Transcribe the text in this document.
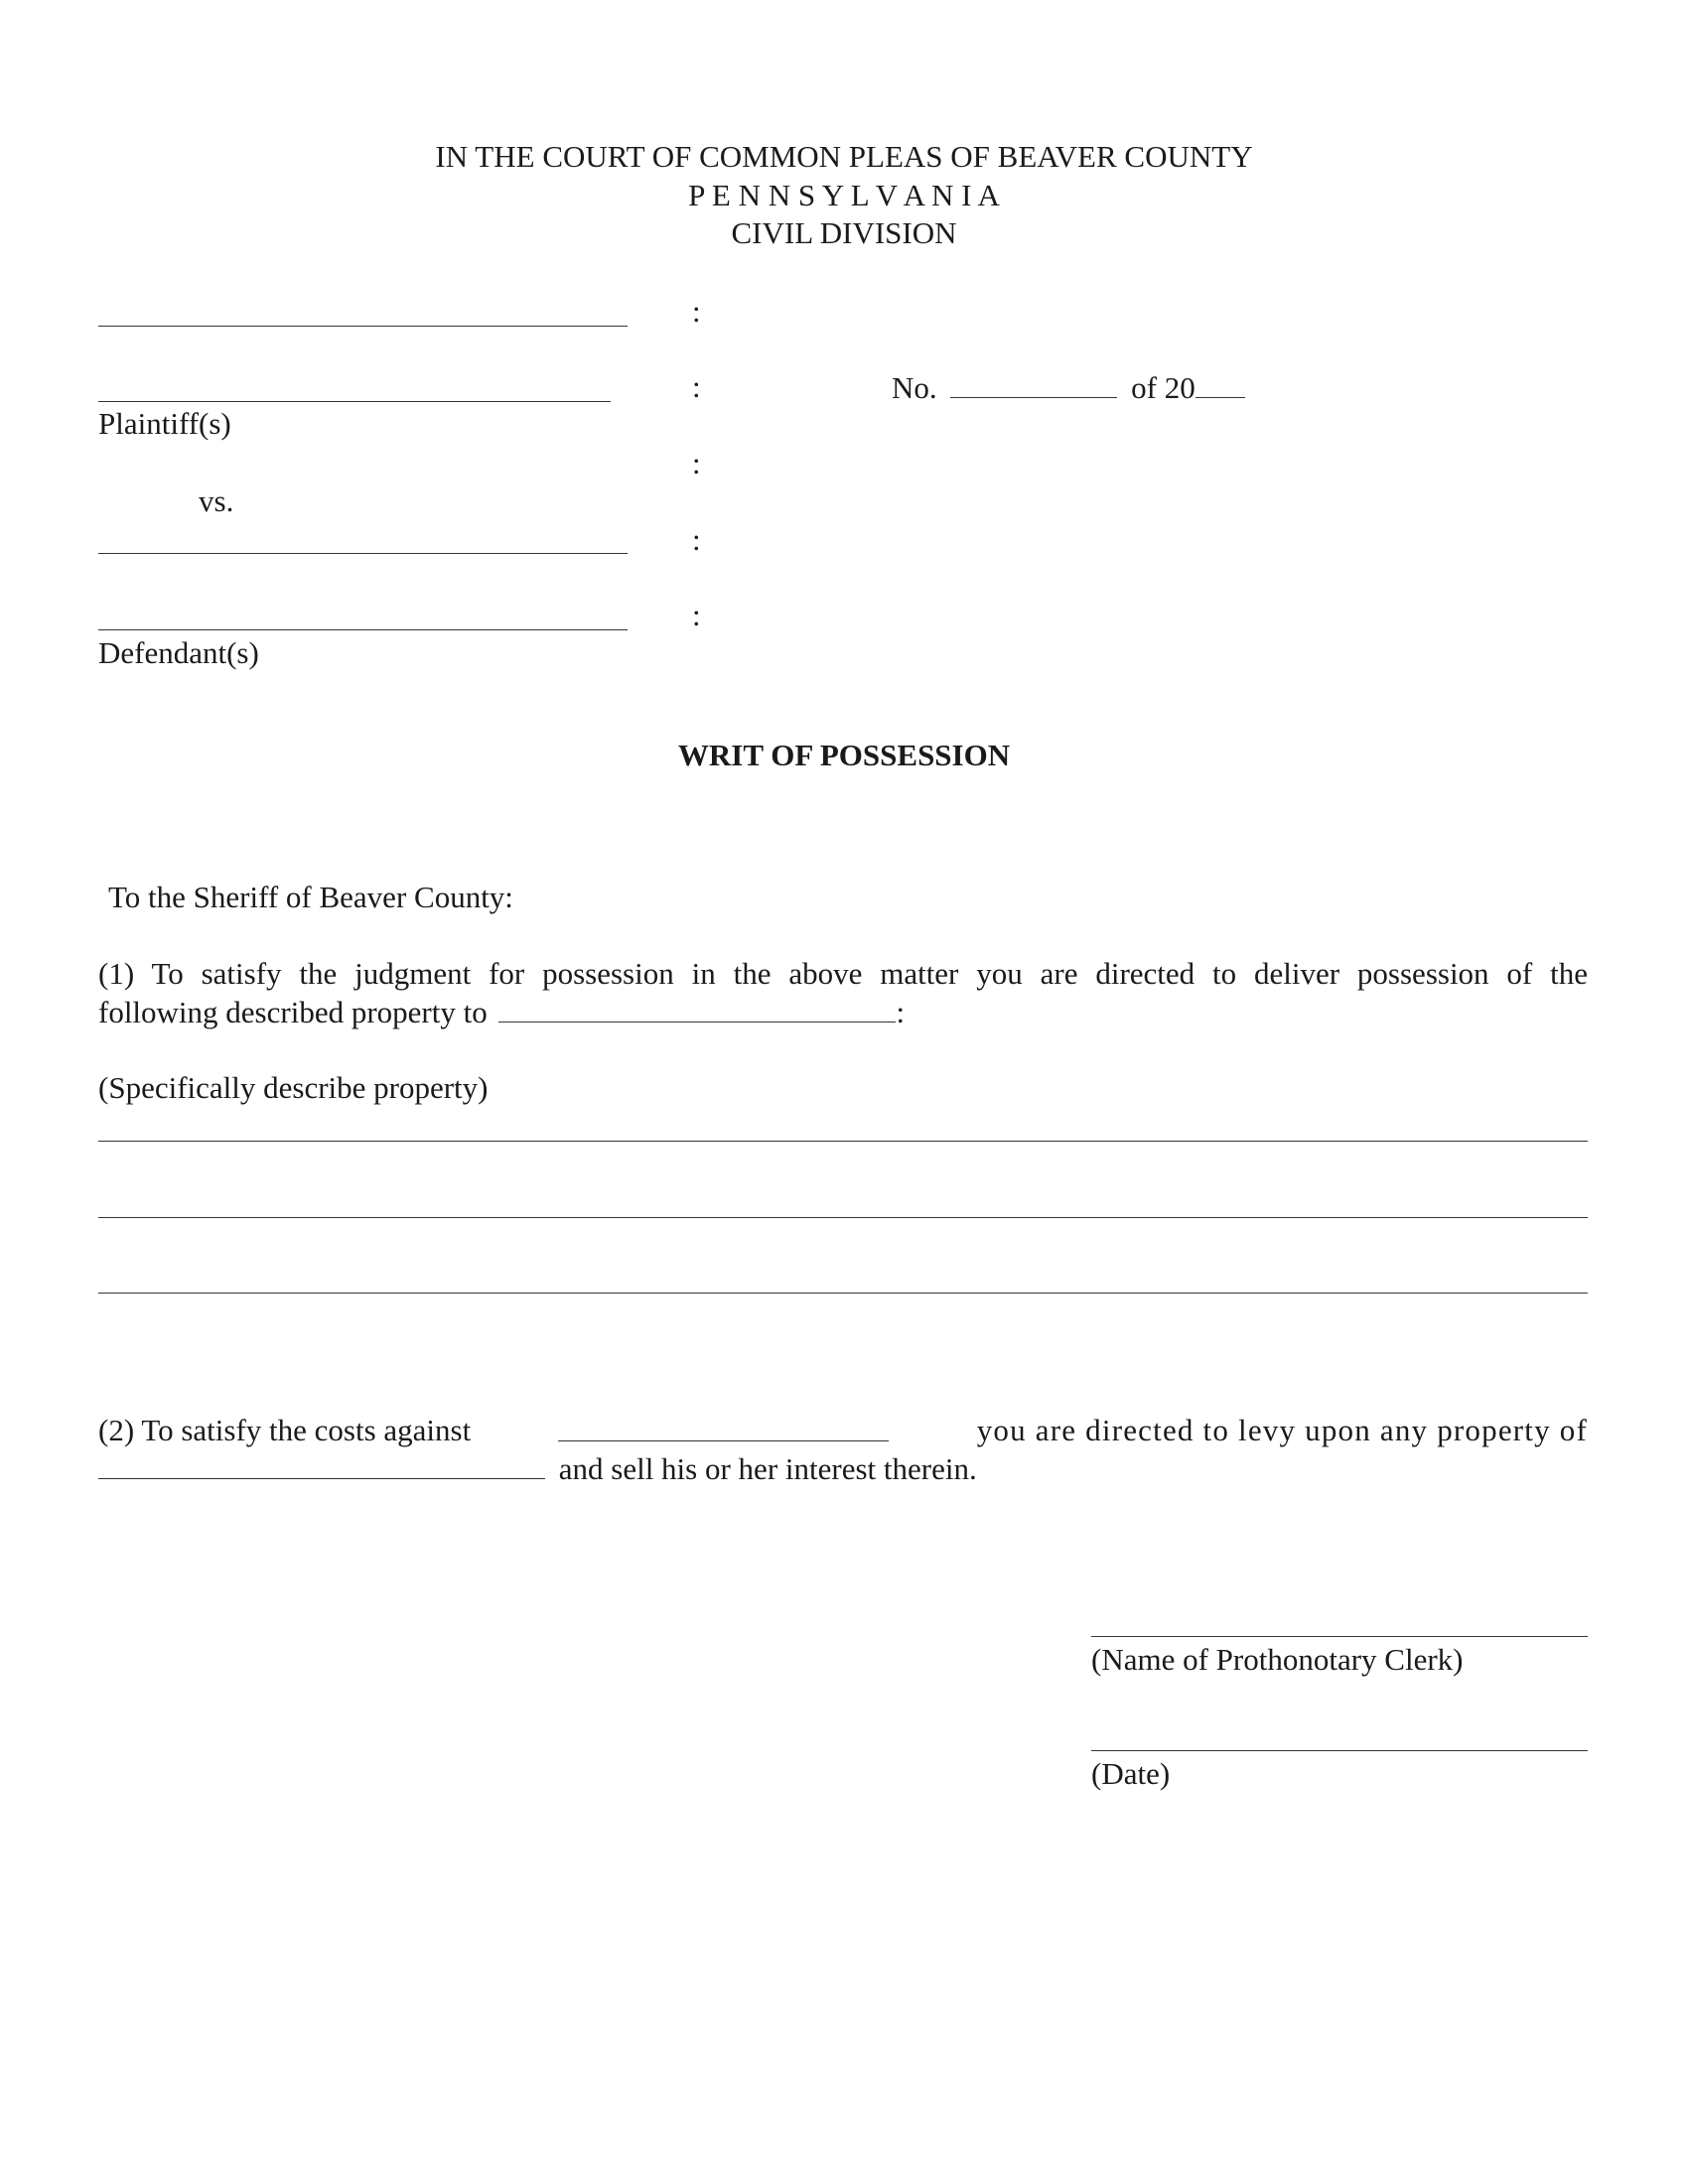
IN THE COURT OF COMMON PLEAS OF BEAVER COUNTY
P E N N S Y L V A N I A
CIVIL DIVISION
Plaintiff(s)
vs.
Defendant(s)
:
:
:
:
:
No.	of 20
WRIT OF POSSESSION
To the Sheriff of Beaver County:
(1) To satisfy the judgment for possession in the above matter you are directed to deliver possession of the
following described property to	:
(Specifically describe property)
(2) To satisfy the costs against	you are directed to levy upon any property of
and sell his or her interest therein.
(Name of Prothonotary Clerk)
(Date)
